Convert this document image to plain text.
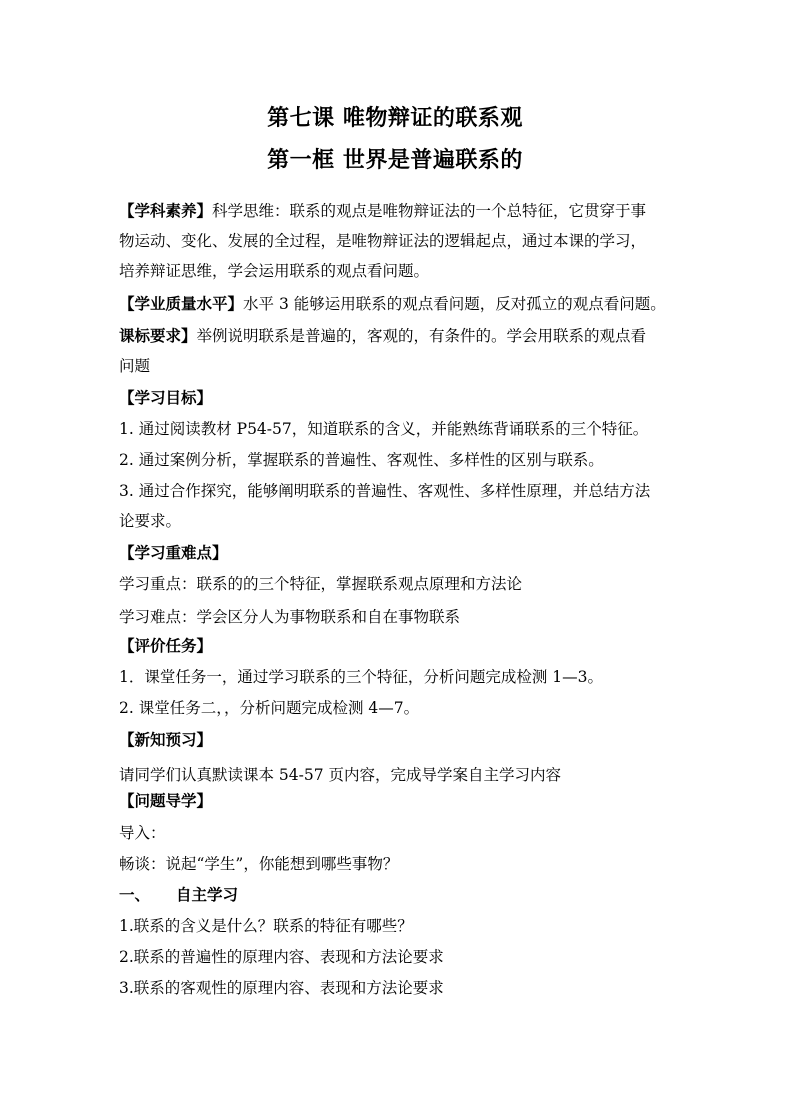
第七课 唯物辩证的联系观
第一框 世界是普遍联系的
【学科素养】科学思维：联系的观点是唯物辩证法的一个总特征，它贯穿于事
物运动、变化、发展的全过程，是唯物辩证法的逻辑起点，通过本课的学习，
培养辩证思维，学会运用联系的观点看问题。
【学业质量水平】水平 3 能够运用联系的观点看问题，反对孤立的观点看问题。
课标要求】举例说明联系是普遍的，客观的，有条件的。学会用联系的观点看
问题
【学习目标】
1. 通过阅读教材 P54-57，知道联系的含义，并能熟练背诵联系的三个特征。
2. 通过案例分析，掌握联系的普遍性、客观性、多样性的区别与联系。
3. 通过合作探究，能够阐明联系的普遍性、客观性、多样性原理，并总结方法
论要求。
【学习重难点】
学习重点：联系的的三个特征，掌握联系观点原理和方法论
学习难点：学会区分人为事物联系和自在事物联系
【评价任务】
1．课堂任务一，通过学习联系的三个特征，分析问题完成检测 1—3。
2. 课堂任务二，，分析问题完成检测 4—7。
【新知预习】
请同学们认真默读课本 54-57 页内容，完成导学案自主学习内容
【问题导学】
导入：
畅谈：说起“学生”，你能想到哪些事物？
一、 自主学习
1.联系的含义是什么？联系的特征有哪些？
2.联系的普遍性的原理内容、表现和方法论要求
3.联系的客观性的原理内容、表现和方法论要求
